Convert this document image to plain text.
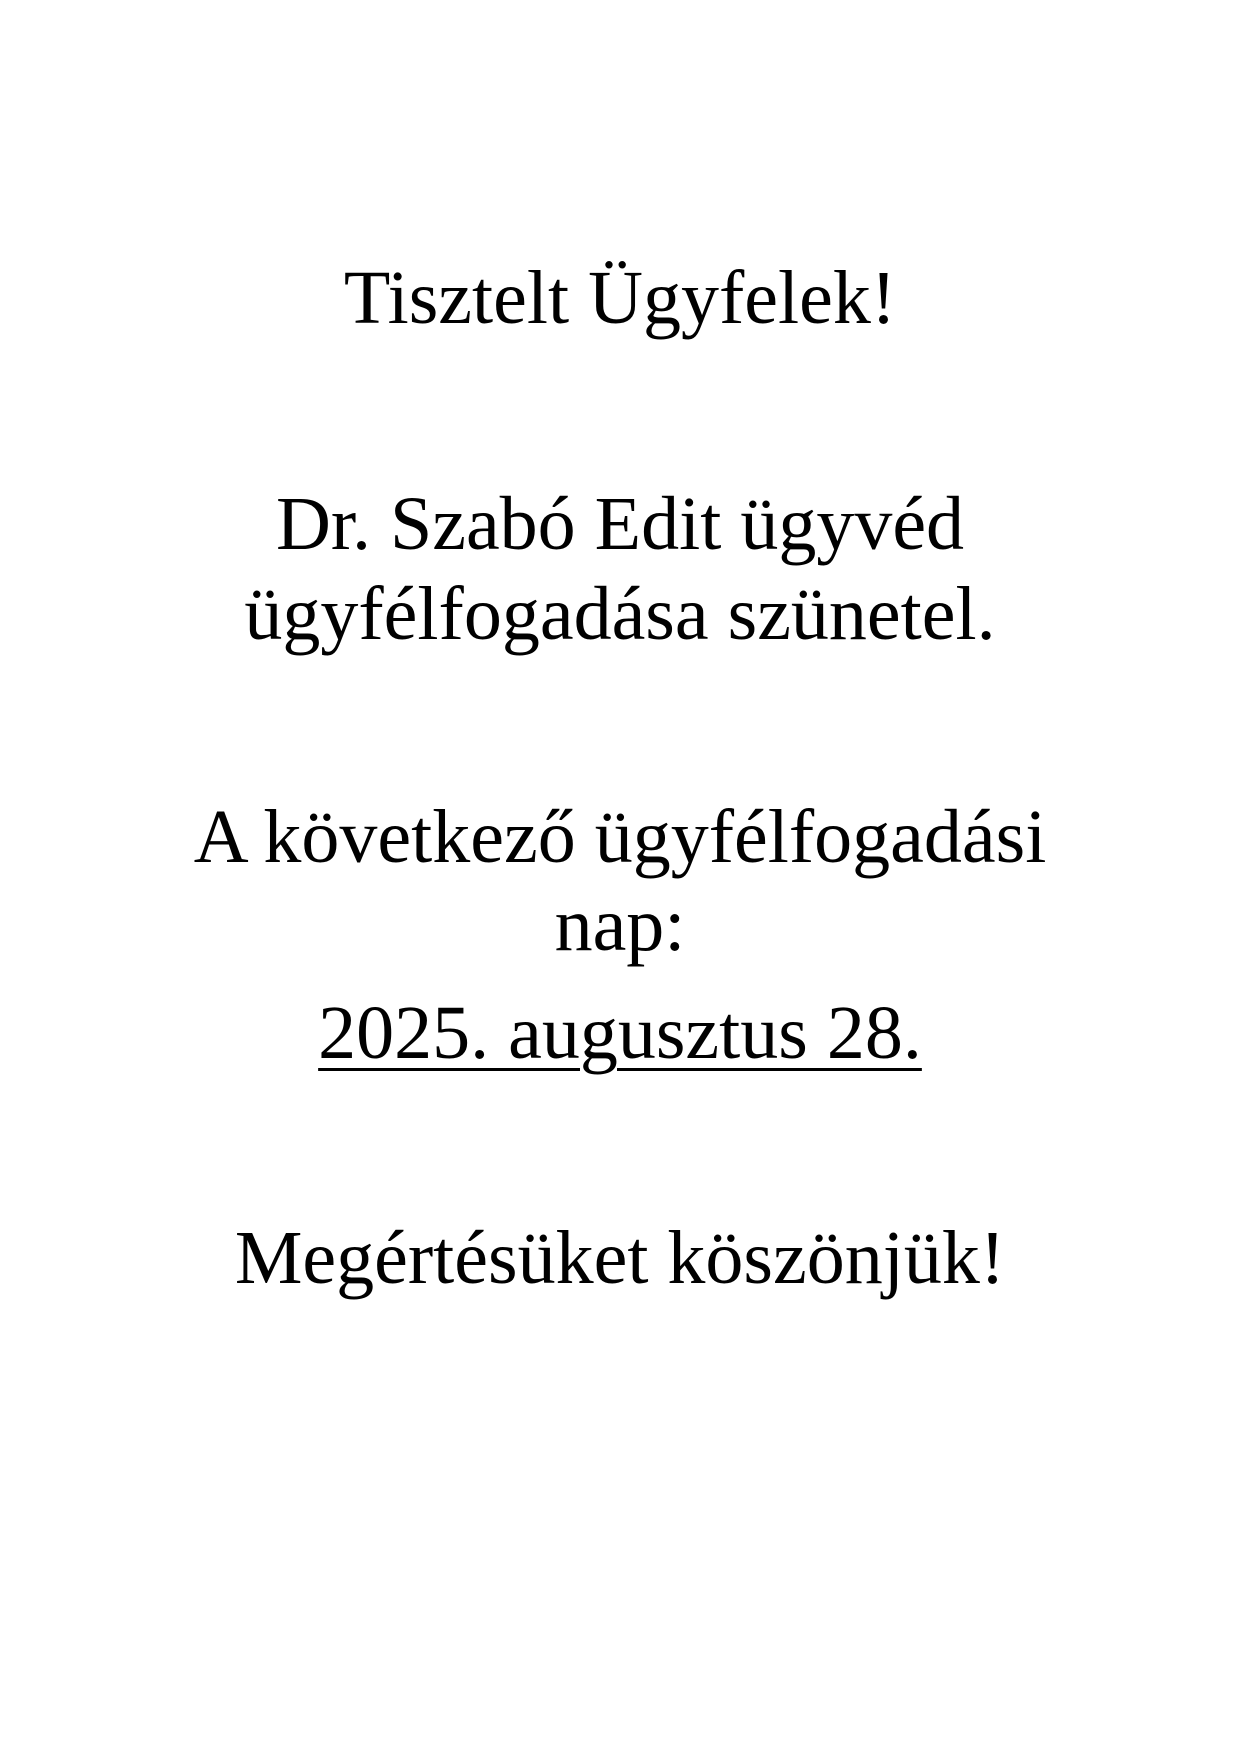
Tisztelt Ügyfelek!
Dr. Szabó Edit ügyvéd
ügyfélfogadása szünetel.
A következő ügyfélfogadási
nap:
2025. augusztus 28.
Megértésüket köszönjük!
